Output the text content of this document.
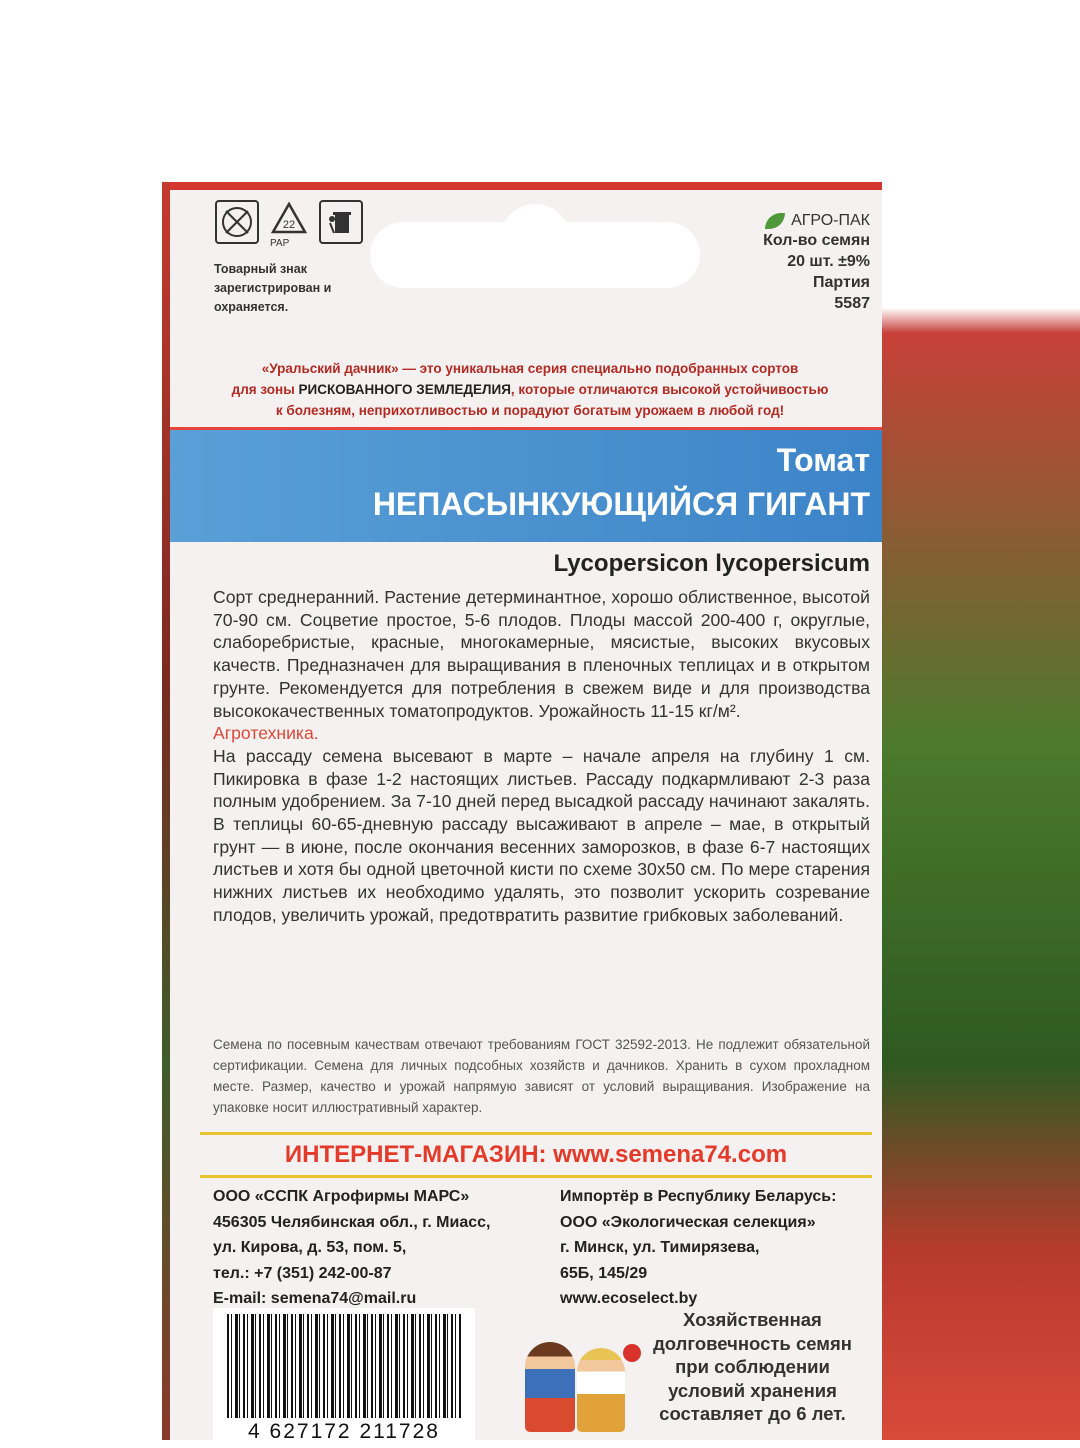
22
PAP
Товарный знак зарегистрирован и охраняется.
АГРО-ПАК
Кол-во семян
20 шт. ±9%
Партия
5587
«Уральский дачник» — это уникальная серия специально подобранных сортов
для зоны РИСКОВАННОГО ЗЕМЛЕДЕЛИЯ, которые отличаются высокой устойчивостью
к болезням, неприхотливостью и порадуют богатым урожаем в любой год!
Томат
НЕПАСЫНКУЮЩИЙСЯ ГИГАНТ
Lycopersicon lycopersicum

Сорт среднеранний. Растение детерминантное, хорошо облиственное, высотой 70-90 см. Соцветие простое, 5-6 плодов. Плоды массой 200-400 г, округлые, слаборебристые, красные, многокамерные, мясистые, высоких вкусовых качеств. Предназначен для выращивания в пленочных теплицах и в открытом грунте. Рекомендуется для потребления в свежем виде и для производства высококачественных томатопродуктов. Урожайность 11-15 кг/м².

Агротехника.

На рассаду семена высевают в марте – начале апреля на глубину 1 см. Пикировка в фазе 1-2 настоящих листьев. Рассаду подкармливают 2-3 раза полным удобрением. За 7-10 дней перед высадкой рассаду начинают закалять. В теплицы 60-65-дневную рассаду высаживают в апреле – мае, в открытый грунт — в июне, после окончания весенних заморозков, в фазе 6-7 настоящих листьев и хотя бы одной цветочной кисти по схеме 30x50 см. По мере старения нижних листьев их необходимо удалять, это позволит ускорить созревание плодов, увеличить урожай, предотвратить развитие грибковых заболеваний.

Семена по посевным качествам отвечают требованиям ГОСТ 32592-2013. Не подлежит обязательной сертификации. Семена для личных подсобных хозяйств и дачников. Хранить в сухом прохладном месте. Размер, качество и урожай напрямую зависят от условий выращивания. Изображение на упаковке носит иллюстративный характер.
ИНТЕРНЕТ-МАГАЗИН: www.semena74.com
ООО «ССПК Агрофирмы МАРС»
456305 Челябинская обл., г. Миасс,
ул. Кирова, д. 53, пом. 5,
тел.: +7 (351) 242-00-87
E-mail: semena74@mail.ru
Импортёр в Республику Беларусь:
ООО «Экологическая селекция»
г. Минск, ул. Тимирязева,
65Б, 145/29
www.ecoselect.by
4 627172 211728
Хозяйственная долговечность семян при соблюдении условий хранения составляет до 6 лет.
